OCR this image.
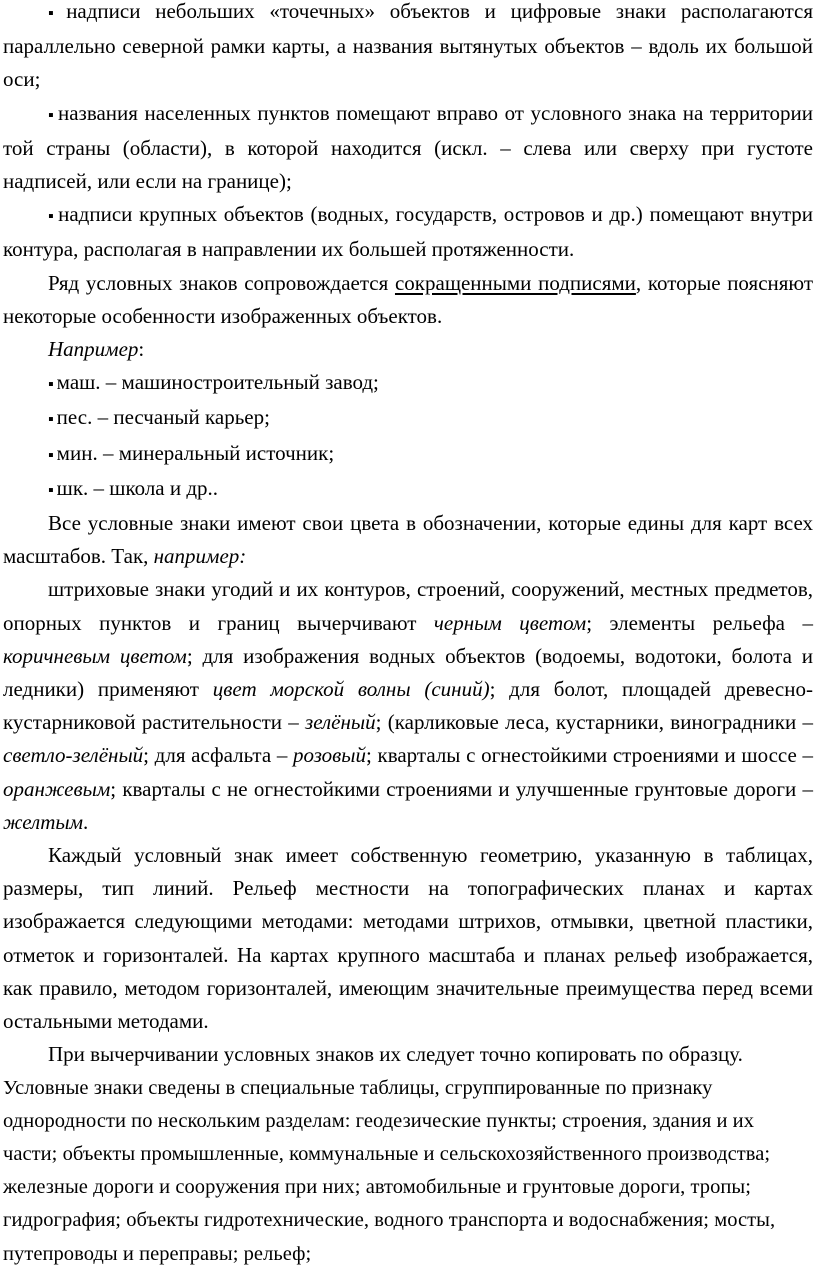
▪ надписи небольших «точечных» объектов и цифровые знаки располагаются параллельно северной рамки карты, а названия вытянутых объектов – вдоль их большой оси;

▪ названия населенных пунктов помещают вправо от условного знака на территории той страны (области), в которой находится (искл. – слева или сверху при густоте надписей, или если на границе);

▪ надписи крупных объектов (водных, государств, островов и др.) помещают внутри контура, располагая в направлении их большей протяженности.

Ряд условных знаков сопровождается сокращенными подписями, которые поясняют некоторые особенности изображенных объектов.

Например:

▪ маш. – машиностроительный завод;

▪ пес. – песчаный карьер;

▪ мин. – минеральный источник;

▪ шк. – школа и др..

Все условные знаки имеют свои цвета в обозначении, которые едины для карт всех масштабов. Так, например:

штриховые знаки угодий и их контуров, строений, сооружений, местных предметов, опорных пунктов и границ вычерчивают черным цветом; элементы рельефа – коричневым цветом; для изображения водных объектов (водоемы, водотоки, болота и ледники) применяют цвет морской волны (синий); для болот, площадей древесно-кустарниковой растительности – зелёный; (карликовые леса, кустарники, виноградники – светло-зелёный; для асфальта – розовый; кварталы с огнестойкими строениями и шоссе – оранжевым; кварталы с не огнестойкими строениями и улучшенные грунтовые дороги – желтым.

Каждый условный знак имеет собственную геометрию, указанную в таблицах, размеры, тип линий. Рельеф местности на топографических планах и картах изображается следующими методами: методами штрихов, отмывки, цветной пластики, отметок и горизонталей. На картах крупного масштаба и планах рельеф изображается, как правило, методом горизонталей, имеющим значительные преимущества перед всеми остальными методами.

При вычерчивании условных знаков их следует точно копировать по образцу.

Условные знаки сведены в специальные таблицы, сгруппированные по признаку однородности по нескольким разделам: геодезические пункты; строения, здания и их части; объекты промышленные, коммунальные и сельскохозяйственного производства; железные дороги и сооружения при них; автомобильные и грунтовые дороги, тропы; гидрография; объекты гидротехнические, водного транспорта и водоснабжения; мосты, путепроводы и переправы; рельеф;
